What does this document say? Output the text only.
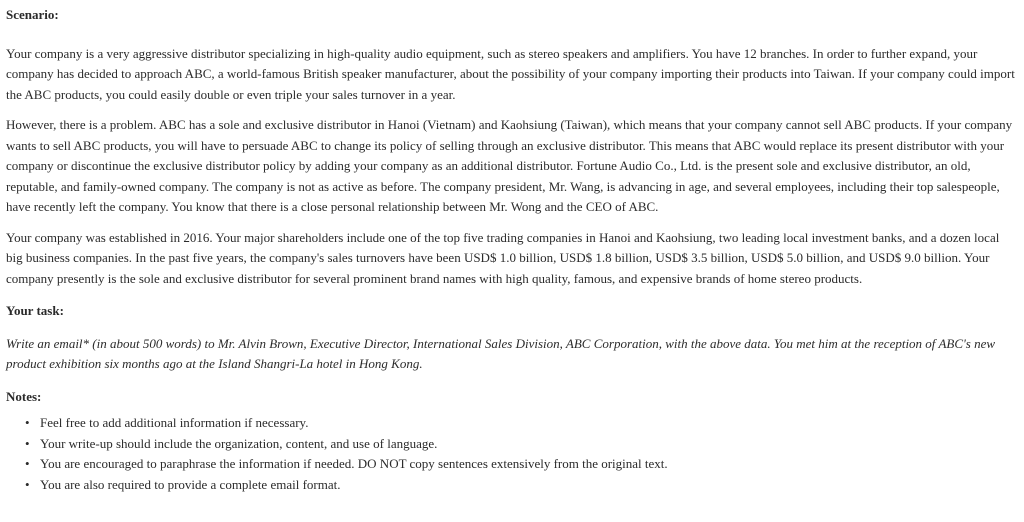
Scenario:

Your company is a very aggressive distributor specializing in high-quality audio equipment, such as stereo speakers and amplifiers. You have 12 branches. In order to further expand, your company has decided to approach ABC, a world-famous British speaker manufacturer, about the possibility of your company importing their products into Taiwan. If your company could import the ABC products, you could easily double or even triple your sales turnover in a year.

However, there is a problem. ABC has a sole and exclusive distributor in Hanoi (Vietnam) and Kaohsiung (Taiwan), which means that your company cannot sell ABC products. If your company wants to sell ABC products, you will have to persuade ABC to change its policy of selling through an exclusive distributor. This means that ABC would replace its present distributor with your company or discontinue the exclusive distributor policy by adding your company as an additional distributor. Fortune Audio Co., Ltd. is the present sole and exclusive distributor, an old, reputable, and family-owned company. The company is not as active as before. The company president, Mr. Wang, is advancing in age, and several employees, including their top salespeople, have recently left the company. You know that there is a close personal relationship between Mr. Wong and the CEO of ABC.

Your company was established in 2016. Your major shareholders include one of the top five trading companies in Hanoi and Kaohsiung, two leading local investment banks, and a dozen local big business companies. In the past five years, the company's sales turnovers have been USD$ 1.0 billion, USD$ 1.8 billion, USD$ 3.5 billion, USD$ 5.0 billion, and USD$ 9.0 billion. Your company presently is the sole and exclusive distributor for several prominent brand names with high quality, famous, and expensive brands of home stereo products.

Your task:

Write an email* (in about 500 words) to Mr. Alvin Brown, Executive Director, International Sales Division, ABC Corporation, with the above data. You met him at the reception of ABC's new product exhibition six months ago at the Island Shangri-La hotel in Hong Kong.

Notes:

• Feel free to add additional information if necessary.
• Your write-up should include the organization, content, and use of language.
• You are encouraged to paraphrase the information if needed. DO NOT copy sentences extensively from the original text.
• You are also required to provide a complete email format.
